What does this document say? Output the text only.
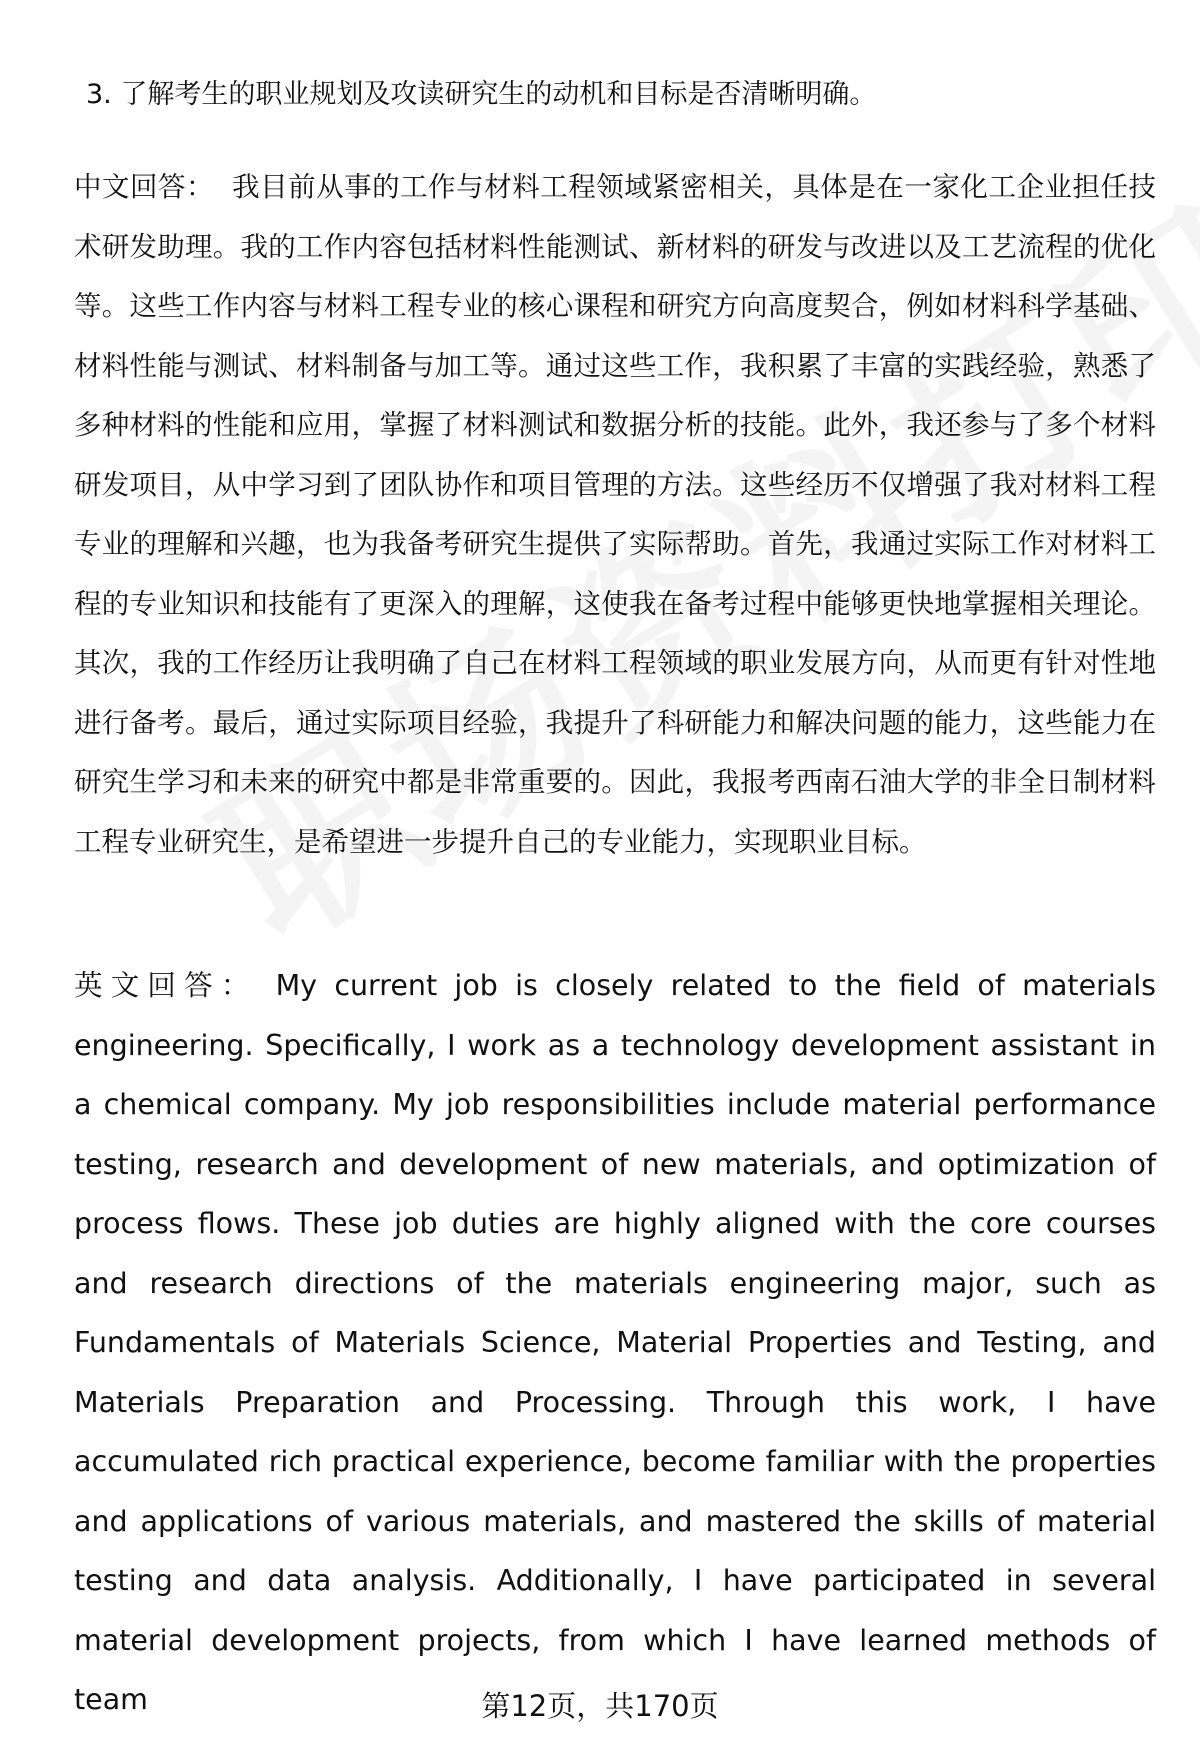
3. 了解考生的职业规划及攻读研究生的动机和目标是否清晰明确。

中文回答： 我目前从事的工作与材料工程领域紧密相关，具体是在一家化工企业担任技术研发助理。我的工作内容包括材料性能测试、新材料的研发与改进以及工艺流程的优化等。这些工作内容与材料工程专业的核心课程和研究方向高度契合，例如材料科学基础、材料性能与测试、材料制备与加工等。通过这些工作，我积累了丰富的实践经验，熟悉了多种材料的性能和应用，掌握了材料测试和数据分析的技能。此外，我还参与了多个材料研发项目，从中学习到了团队协作和项目管理的方法。这些经历不仅增强了我对材料工程专业的理解和兴趣，也为我备考研究生提供了实际帮助。首先，我通过实际工作对材料工程的专业知识和技能有了更深入的理解，这使我在备考过程中能够更快地掌握相关理论。其次，我的工作经历让我明确了自己在材料工程领域的职业发展方向，从而更有针对性地进行备考。最后，通过实际项目经验，我提升了科研能力和解决问题的能力，这些能力在研究生学习和未来的研究中都是非常重要的。因此，我报考西南石油大学的非全日制材料工程专业研究生，是希望进一步提升自己的专业能力，实现职业目标。

英文回答： My current job is closely related to the field of materials engineering. Specifically, I work as a technology development assistant in a chemical company. My job responsibilities include material performance testing, research and development of new materials, and optimization of process flows. These job duties are highly aligned with the core courses and research directions of the materials engineering major, such as Fundamentals of Materials Science, Material Properties and Testing, and Materials Preparation and Processing. Through this work, I have accumulated rich practical experience, become familiar with the properties and applications of various materials, and mastered the skills of material testing and data analysis. Additionally, I have participated in several material development projects, from which I have learned methods of team	第12页，共170页
